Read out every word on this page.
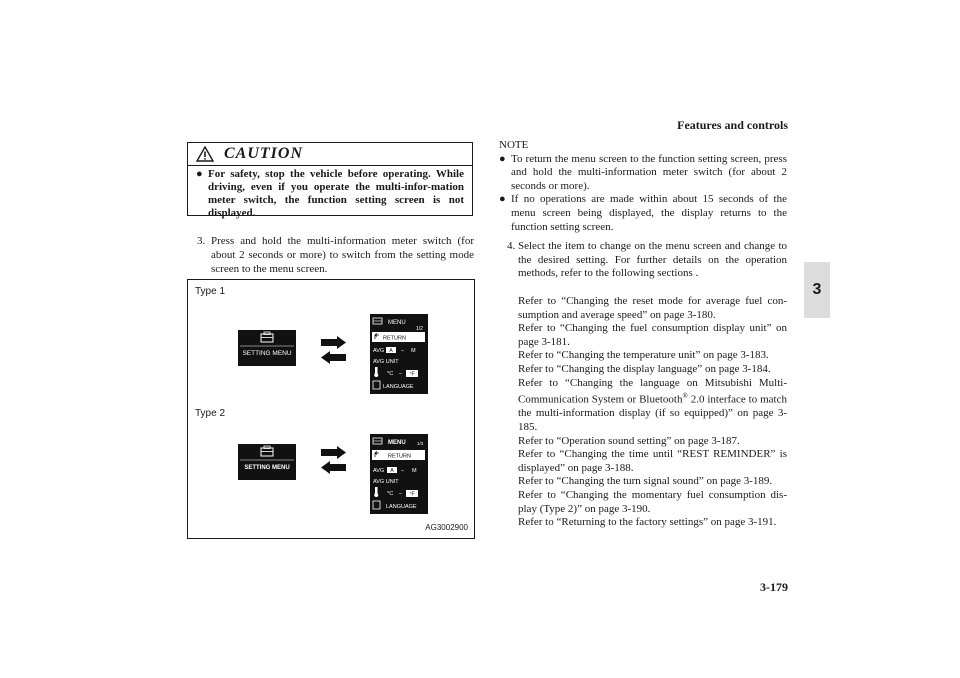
Features and controls
3
CAUTION
● For safety, stop the vehicle before operating. While driving, even if you operate the multi-infor-mation meter switch, the function setting screen is not displayed.
3. Press and hold the multi-information meter switch (for about 2 seconds or more) to switch from the setting mode screen to the menu screen.
Type 1
Type 2
SETTING MENU
MENU
1/2
RETURN
AVG A – M
AVG UNIT
°C – °F
LANGUAGE
SETTING MENU
MENU	1/3
RETURN
AVG A – M
AVG UNIT
°C – °F
LANGUAGE
AG3002900
NOTE
● To return the menu screen to the function setting screen, press and hold the multi-information meter switch (for about 2 seconds or more).
● If no operations are made within about 15 seconds of the menu screen being displayed, the display returns to the function setting screen.
4. Select the item to change on the menu screen and change to the desired setting. For further details on the operation methods, refer to the following sections .

Refer to “Changing the reset mode for average fuel con-sumption and average speed” on page 3-180.

Refer to “Changing the fuel consumption display unit” on page 3-181.

Refer to “Changing the temperature unit” on page 3-183.

Refer to “Changing the display language” on page 3-184.

Refer to “Changing the language on Mitsubishi Multi-Communication System or Bluetooth® 2.0 interface to match the multi-information display (if so equipped)” on page 3-185.

Refer to “Operation sound setting” on page 3-187.

Refer to “Changing the time until “REST REMINDER” is displayed” on page 3-188.

Refer to “Changing the turn signal sound” on page 3-189.

Refer to “Changing the momentary fuel consumption dis-play (Type 2)” on page 3-190.

Refer to “Returning to the factory settings” on page 3-191.

3-179
